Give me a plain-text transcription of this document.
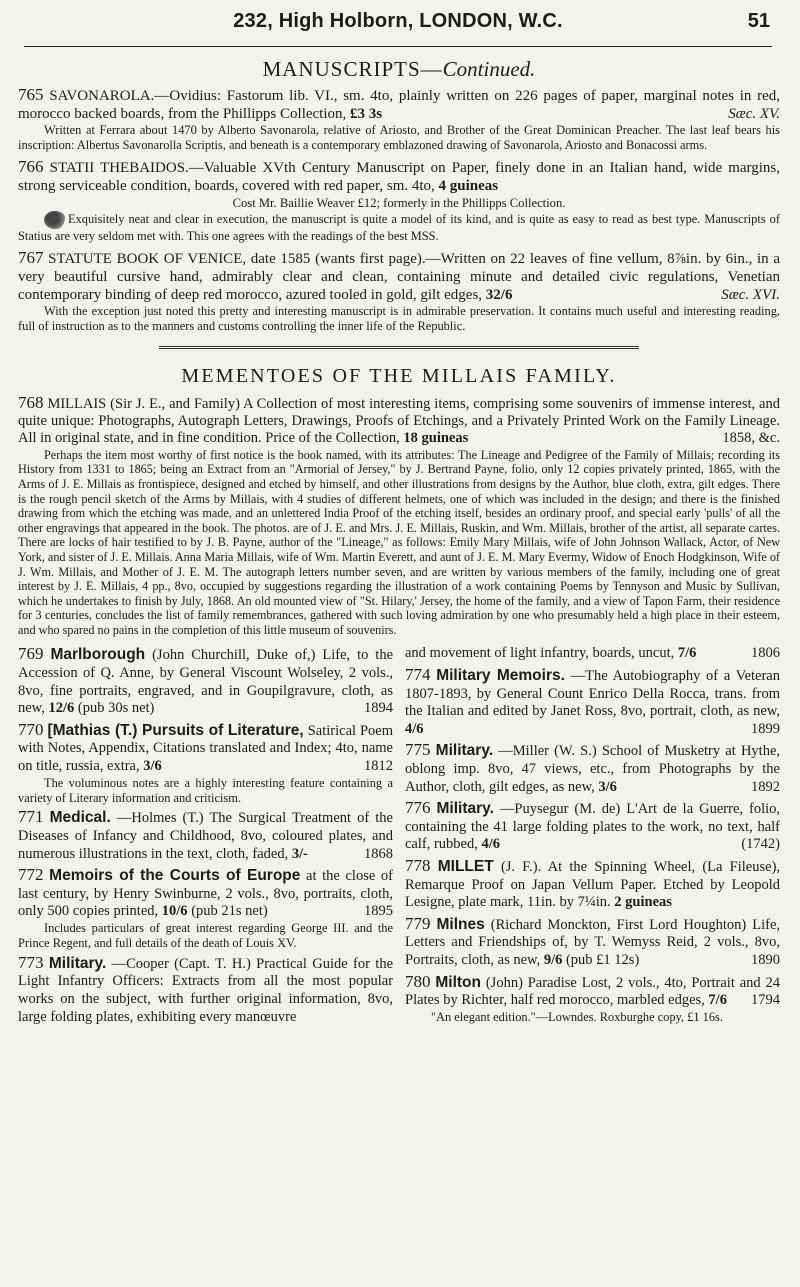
232, High Holborn, LONDON, W.C.	51
MANUSCRIPTS—Continued.

765 SAVONAROLA.—Ovidius: Fastorum lib. VI., sm. 4to, plainly written on 226 pages of paper, marginal notes in red, morocco backed boards, from the Phillipps Collection, £3 3s	Sæc. XV.

Written at Ferrara about 1470 by Alberto Savonarola, relative of Ariosto, and Brother of the Great Dominican Preacher. The last leaf bears his inscription: Albertus Savonarolla Scriptis, and beneath is a contemporary emblazoned drawing of Savonarola, Ariosto and Bonacossi arms.

766 STATII THEBAIDOS.—Valuable XVth Century Manuscript on Paper, finely done in an Italian hand, wide margins, strong serviceable condition, boards, covered with red paper, sm. 4to, 4 guineas

Cost Mr. Baillie Weaver £12; formerly in the Phillipps Collection.

Exquisitely neat and clear in execution, the manuscript is quite a model of its kind, and is quite as easy to read as best type. Manuscripts of Statius are very seldom met with. This one agrees with the readings of the best MSS.

767 STATUTE BOOK OF VENICE, date 1585 (wants first page).—Written on 22 leaves of fine vellum, 8⅞in. by 6in., in a very beautiful cursive hand, admirably clear and clean, containing minute and detailed civic regulations, Venetian contemporary binding of deep red morocco, azured tooled in gold, gilt edges, 32/6	Sæc. XVI.

With the exception just noted this pretty and interesting manuscript is in admirable preservation. It contains much useful and interesting reading, full of instruction as to the manners and customs controlling the inner life of the Republic.

MEMENTOES OF THE MILLAIS FAMILY.

768 MILLAIS (Sir J. E., and Family) A Collection of most interesting items, comprising some souvenirs of immense interest, and quite unique: Photographs, Autograph Letters, Drawings, Proofs of Etchings, and a Privately Printed Work on the Family Lineage. All in original state, and in fine condition. Price of the Collection, 18 guineas	1858, &c.

Perhaps the item most worthy of first notice is the book named, with its attributes: The Lineage and Pedigree of the Family of Millais; recording its History from 1331 to 1865; being an Extract from an "Armorial of Jersey," by J. Bertrand Payne, folio, only 12 copies privately printed, 1865, with the Arms of J. E. Millais as frontispiece, designed and etched by himself, and other illustrations from designs by the Author, blue cloth, extra, gilt edges. There is the rough pencil sketch of the Arms by Millais, with 4 studies of different helmets, one of which was included in the design; and there is the finished drawing from which the etching was made, and an unlettered India Proof of the etching itself, besides an ordinary proof, and special early 'pulls' of all the other engravings that appeared in the book. The photos. are of J. E. and Mrs. J. E. Millais, Ruskin, and Wm. Millais, brother of the artist, all separate cartes. There are locks of hair testified to by J. B. Payne, author of the "Lineage," as follows: Emily Mary Millais, wife of John Johnson Wallack, Actor, of New York, and sister of J. E. Millais. Anna Maria Millais, wife of Wm. Martin Everett, and aunt of J. E. M. Mary Evermy, Widow of Enoch Hodgkinson, Wife of J. Wm. Millais, and Mother of J. E. M. The autograph letters number seven, and are written by various members of the family, including one of great interest by J. E. Millais, 4 pp., 8vo, occupied by suggestions regarding the illustration of a work containing Poems by Tennyson and Music by Sullivan, which he undertakes to finish by July, 1868. An old mounted view of "St. Hilary,' Jersey, the home of the family, and a view of Tapon Farm, their residence for 3 centuries, concludes the list of family remembrances, gathered with such loving admiration by one who presumably held a high place in their esteem, and who spared no pains in the completion of this little museum of souvenirs.

769 Marlborough (John Churchill, Duke of,) Life, to the Accession of Q. Anne, by General Viscount Wolseley, 2 vols., 8vo, fine portraits, engraved, and in Goupilgravure, cloth, as new, 12/6 (pub 30s net)	1894

770 [Mathias (T.) Pursuits of Literature, Satirical Poem with Notes, Appendix, Citations translated and Index; 4to, name on title, russia, extra, 3/6	1812

The voluminous notes are a highly interesting feature containing a variety of Literary information and criticism.

771 Medical. —Holmes (T.) The Surgical Treatment of the Diseases of Infancy and Childhood, 8vo, coloured plates, and numerous illustrations in the text, cloth, faded, 3/-	1868

772 Memoirs of the Courts of Europe at the close of last century, by Henry Swinburne, 2 vols., 8vo, portraits, cloth, only 500 copies printed, 10/6 (pub 21s net)	1895

Includes particulars of great interest regarding George III. and the Prince Regent, and full details of the death of Louis XV.

773 Military. —Cooper (Capt. T. H.) Practical Guide for the Light Infantry Officers: Extracts from all the most popular works on the subject, with further original information, 8vo, large folding plates, exhibiting every manœuvre

and movement of light infantry, boards, uncut, 7/6	1806

774 Military Memoirs. —The Autobiography of a Veteran 1807-1893, by General Count Enrico Della Rocca, trans. from the Italian and edited by Janet Ross, 8vo, portrait, cloth, as new, 4/6	1899

775 Military. —Miller (W. S.) School of Musketry at Hythe, oblong imp. 8vo, 47 views, etc., from Photographs by the Author, cloth, gilt edges, as new, 3/6	1892

776 Military. —Puysegur (M. de) L'Art de la Guerre, folio, containing the 41 large folding plates to the work, no text, half calf, rubbed, 4/6	(1742)

778 MILLET (J. F.). At the Spinning Wheel, (La Fileuse), Remarque Proof on Japan Vellum Paper. Etched by Leopold Lesigne, plate mark, 11in. by 7¼in. 2 guineas

779 Milnes (Richard Monckton, First Lord Houghton) Life, Letters and Friendships of, by T. Wemyss Reid, 2 vols., 8vo, Portraits, cloth, as new, 9/6 (pub £1 12s)	1890

780 Milton (John) Paradise Lost, 2 vols., 4to, Portrait and 24 Plates by Richter, half red morocco, marbled edges, 7/6 1794

"An elegant edition."—Lowndes. Roxburghe copy, £1 16s.
